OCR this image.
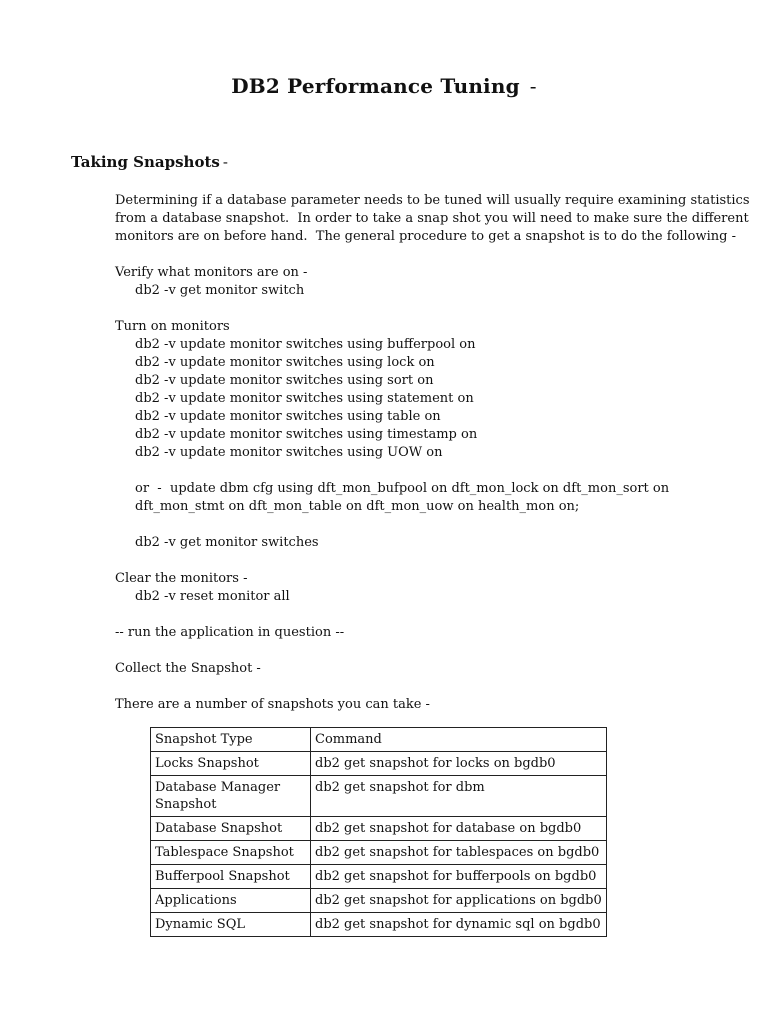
DB2 Performance Tuning -
Taking Snapshots -
Determining if a database parameter needs to be tuned will usually require examining statistics
from a database snapshot.  In order to take a snap shot you will need to make sure the different
monitors are on before hand.  The general procedure to get a snapshot is to do the following -
Verify what monitors are on -
db2 -v get monitor switch
Turn on monitors
db2 -v update monitor switches using bufferpool on
db2 -v update monitor switches using lock on
db2 -v update monitor switches using sort on
db2 -v update monitor switches using statement on
db2 -v update monitor switches using table on
db2 -v update monitor switches using timestamp on
db2 -v update monitor switches using UOW on
or  -  update dbm cfg using dft_mon_bufpool on dft_mon_lock on dft_mon_sort on
dft_mon_stmt on dft_mon_table on dft_mon_uow on health_mon on;
db2 -v get monitor switches
Clear the monitors -
db2 -v reset monitor all
-- run the application in question --
Collect the Snapshot -
There are a number of snapshots you can take -
Snapshot Type	Command
Locks Snapshot	db2 get snapshot for locks on bgdb0
Database Manager Snapshot	db2 get snapshot for dbm
Database Snapshot	db2 get snapshot for database on bgdb0
Tablespace Snapshot	db2 get snapshot for tablespaces on bgdb0
Bufferpool Snapshot	db2 get snapshot for bufferpools on bgdb0
Applications	db2 get snapshot for applications on bgdb0
Dynamic SQL	db2 get snapshot for dynamic sql on bgdb0
